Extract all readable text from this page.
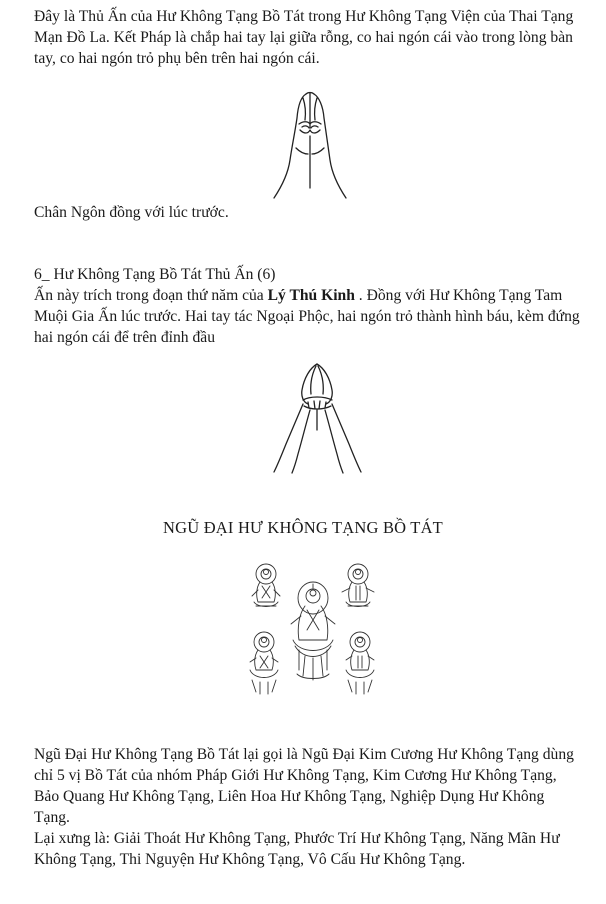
Đây là Thủ Ấn của Hư Không Tạng Bồ Tát trong Hư Không Tạng Viện của Thai Tạng Mạn Đồ La. Kết Pháp là chắp hai tay lại giữa rỗng, co hai ngón cái vào trong lòng bàn tay, co hai ngón trỏ phụ bên trên hai ngón cái.

Chân Ngôn đồng với lúc trước.

6_ Hư Không Tạng Bồ Tát Thủ Ấn (6)

Ấn này trích trong đoạn thứ năm của Lý Thú Kinh . Đồng với Hư Không Tạng Tam Muội Gia Ấn lúc trước. Hai tay tác Ngoại Phộc, hai ngón trỏ thành hình báu, kèm đứng hai ngón cái để trên đỉnh đầu

NGŨ ĐẠI HƯ KHÔNG TẠNG BỒ TÁT

Ngũ Đại Hư Không Tạng Bồ Tát lại gọi là Ngũ Đại Kim Cương Hư Không Tạng dùng chỉ 5 vị Bồ Tát của nhóm Pháp Giới Hư Không Tạng, Kim Cương Hư Không Tạng, Bảo Quang Hư Không Tạng, Liên Hoa Hư Không Tạng, Nghiệp Dụng Hư Không Tạng.

Lại xưng là: Giải Thoát Hư Không Tạng, Phước Trí Hư Không Tạng, Năng Mãn Hư Không Tạng, Thi Nguyện Hư Không Tạng, Vô Cấu Hư Không Tạng.
